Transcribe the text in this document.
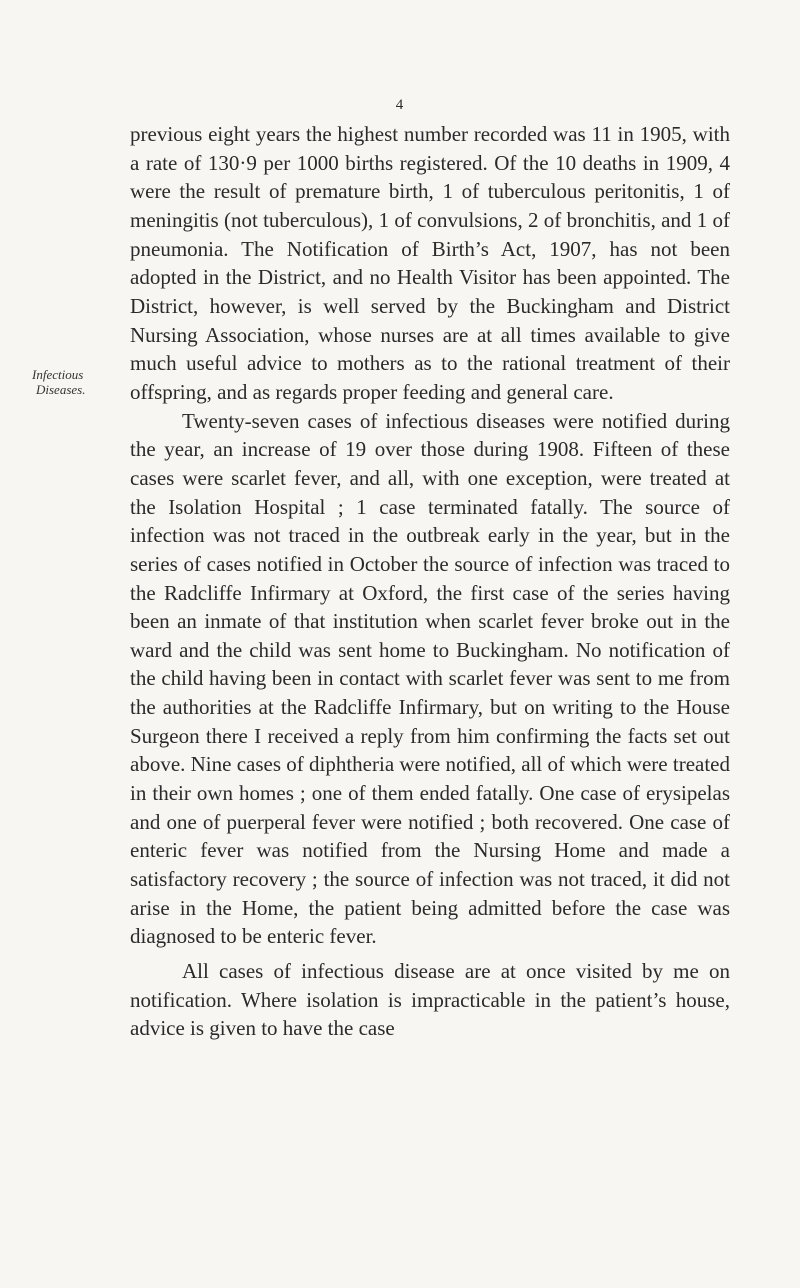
4
Infectious
Diseases.

previous eight years the highest number recorded was 11 in 1905, with a rate of 130·9 per 1000 births registered. Of the 10 deaths in 1909, 4 were the result of premature birth, 1 of tuberculous peritonitis, 1 of meningitis (not tuberculous), 1 of convulsions, 2 of bronchitis, and 1 of pneumonia. The Notification of Birth’s Act, 1907, has not been adopted in the District, and no Health Visitor has been appointed. The District, however, is well served by the Buckingham and District Nursing Association, whose nurses are at all times available to give much useful advice to mothers as to the rational treatment of their offspring, and as regards proper feeding and general care.

Twenty-seven cases of infectious diseases were notified during the year, an increase of 19 over those during 1908. Fifteen of these cases were scarlet fever, and all, with one exception, were treated at the Isolation Hospital ; 1 case terminated fatally. The source of infection was not traced in the outbreak early in the year, but in the series of cases notified in October the source of infection was traced to the Radcliffe Infirmary at Oxford, the first case of the series having been an inmate of that institution when scarlet fever broke out in the ward and the child was sent home to Buckingham. No notification of the child having been in contact with scarlet fever was sent to me from the authorities at the Radcliffe Infirmary, but on writing to the House Surgeon there I received a reply from him confirming the facts set out above. Nine cases of diphtheria were notified, all of which were treated in their own homes ; one of them ended fatally. One case of erysipelas and one of puerperal fever were notified ; both recovered. One case of enteric fever was notified from the Nursing Home and made a satisfactory recovery ; the source of infection was not traced, it did not arise in the Home, the patient being admitted before the case was diagnosed to be enteric fever.

All cases of infectious disease are at once visited by me on notification. Where isolation is impracticable in the patient’s house, advice is given to have the case
